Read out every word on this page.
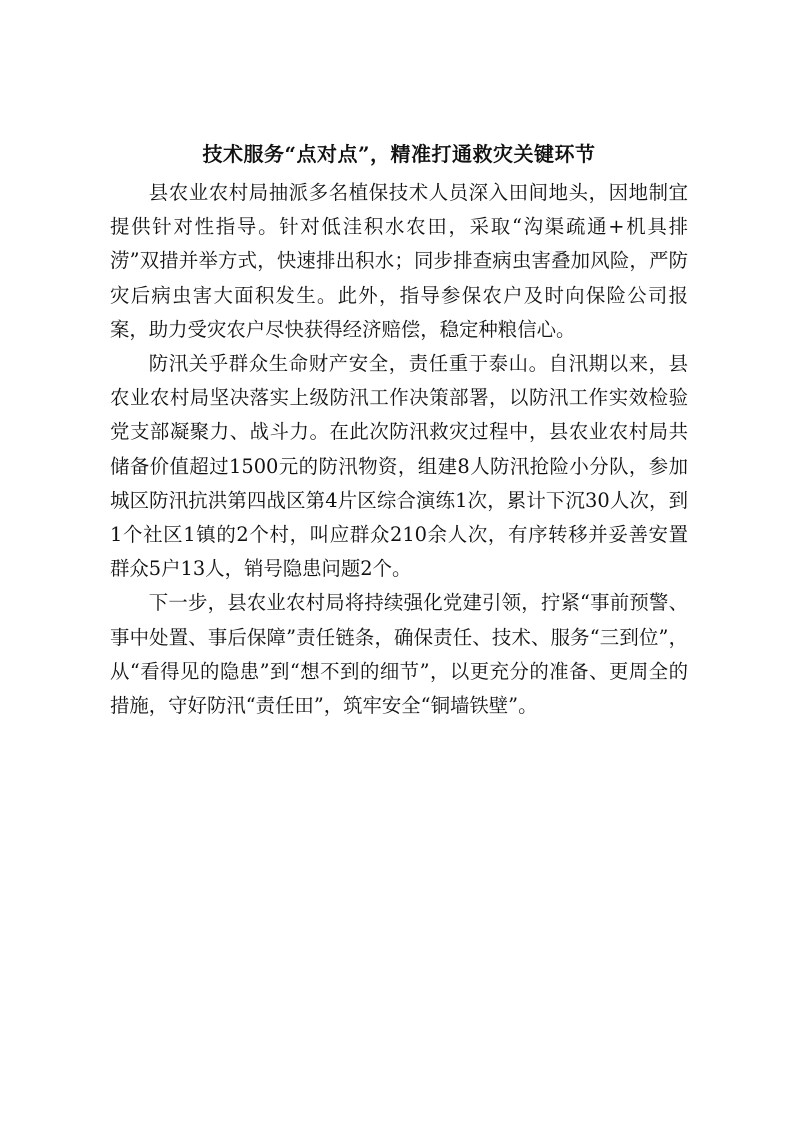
技术服务“点对点”，精准打通救灾关键环节

县农业农村局抽派多名植保技术人员深入田间地头，因地制宜提供针对性指导。针对低洼积水农田，采取“沟渠疏通+机具排涝”双措并举方式，快速排出积水；同步排查病虫害叠加风险，严防灾后病虫害大面积发生。此外，指导参保农户及时向保险公司报案，助力受灾农户尽快获得经济赔偿，稳定种粮信心。

防汛关乎群众生命财产安全，责任重于泰山。自汛期以来，县农业农村局坚决落实上级防汛工作决策部署，以防汛工作实效检验党支部凝聚力、战斗力。在此次防汛救灾过程中，县农业农村局共储备价值超过1500元的防汛物资，组建8人防汛抢险小分队，参加城区防汛抗洪第四战区第4片区综合演练1次，累计下沉30人次，到1个社区1镇的2个村，叫应群众210余人次，有序转移并妥善安置群众5户13人，销号隐患问题2个。

下一步，县农业农村局将持续强化党建引领，拧紧“事前预警、事中处置、事后保障”责任链条，确保责任、技术、服务“三到位”，从“看得见的隐患”到“想不到的细节”，以更充分的准备、更周全的措施，守好防汛“责任田”，筑牢安全“铜墙铁壁”。
